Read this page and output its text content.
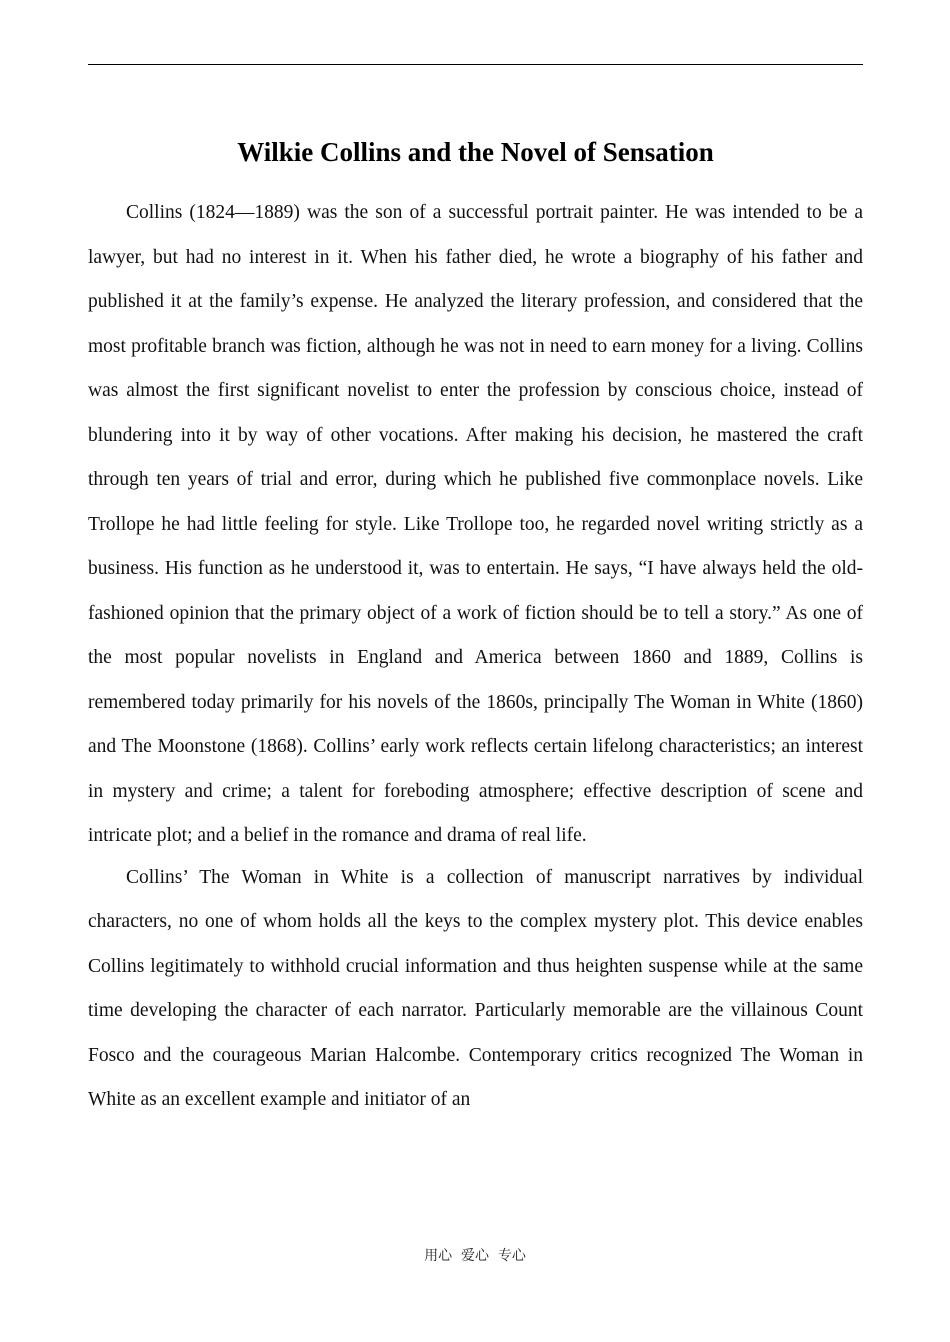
Wilkie Collins and the Novel of Sensation

Collins (1824—1889) was the son of a successful portrait painter. He was intended to be a lawyer, but had no interest in it. When his father died, he wrote a biography of his father and published it at the family’s expense. He analyzed the literary profession, and considered that the most profitable branch was fiction, although he was not in need to earn money for a living. Collins was almost the first significant novelist to enter the profession by conscious choice, instead of blundering into it by way of other vocations. After making his decision, he mastered the craft through ten years of trial and error, during which he published five commonplace novels. Like Trollope he had little feeling for style. Like Trollope too, he regarded novel writing strictly as a business. His function as he understood it, was to entertain. He says, “I have always held the old-fashioned opinion that the primary object of a work of fiction should be to tell a story.” As one of the most popular novelists in England and America between 1860 and 1889, Collins is remembered today primarily for his novels of the 1860s, principally The Woman in White (1860) and The Moonstone (1868). Collins’ early work reflects certain lifelong characteristics; an interest in mystery and crime; a talent for foreboding atmosphere; effective description of scene and intricate plot; and a belief in the romance and drama of real life.

Collins’ The Woman in White is a collection of manuscript narratives by individual characters, no one of whom holds all the keys to the complex mystery plot. This device enables Collins legitimately to withhold crucial information and thus heighten suspense while at the same time developing the character of each narrator. Particularly memorable are the villainous Count Fosco and the courageous Marian Halcombe. Contemporary critics recognized The Woman in White as an excellent example and initiator of an

用心  爱心  专心
